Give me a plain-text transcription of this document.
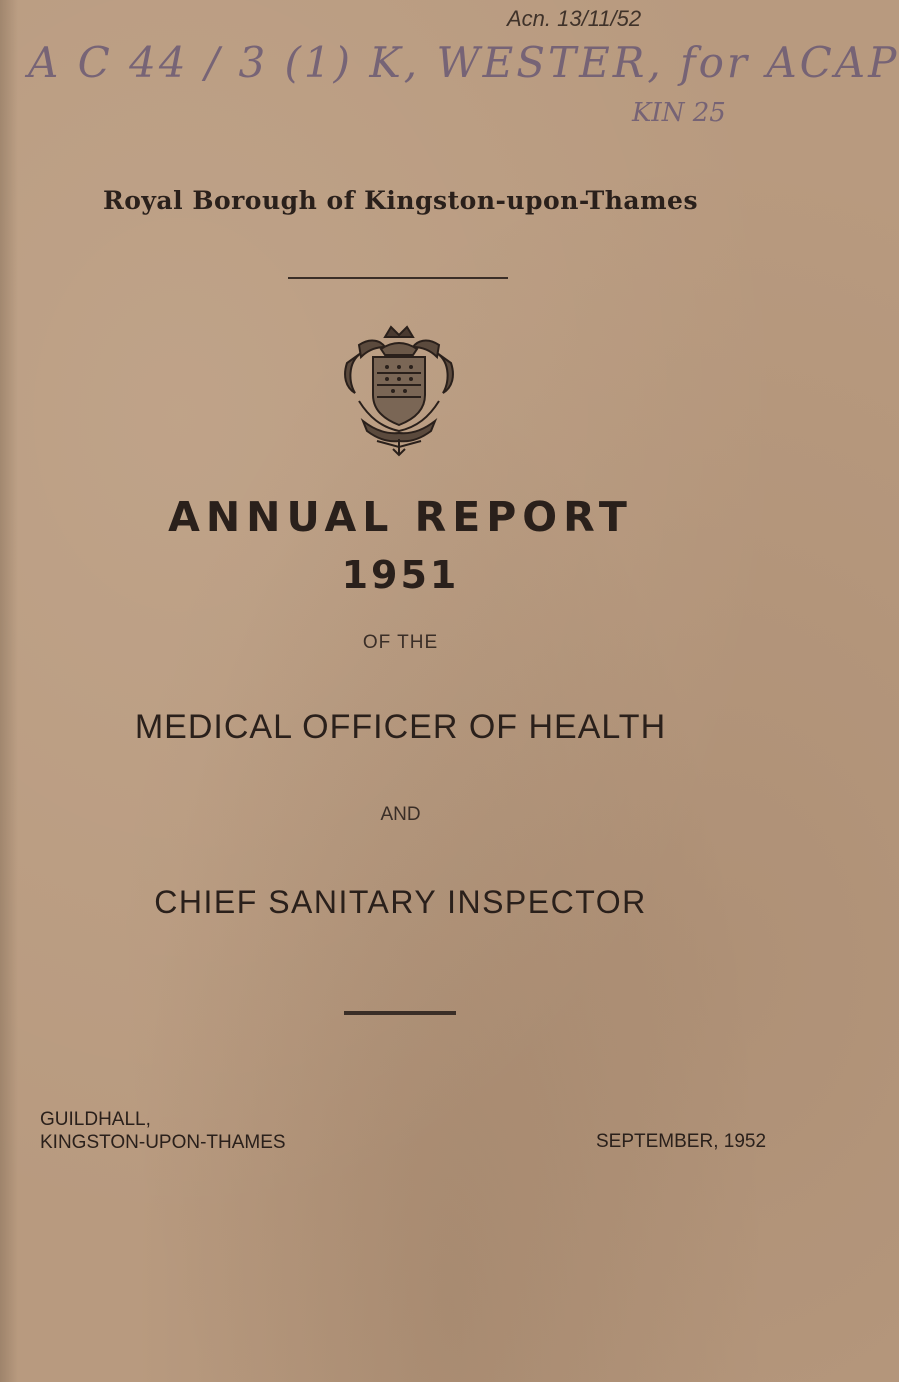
Acn. 13/11/52
A C 44 / 3 (1) K, WESTER, for ACAP
KIN 25
Royal Borough of Kingston-upon-Thames
ANNUAL REPORT
1951
OF THE
MEDICAL OFFICER OF HEALTH
AND
CHIEF SANITARY INSPECTOR
GUILDHALL,
KINGSTON-UPON-THAMES	SEPTEMBER, 1952
